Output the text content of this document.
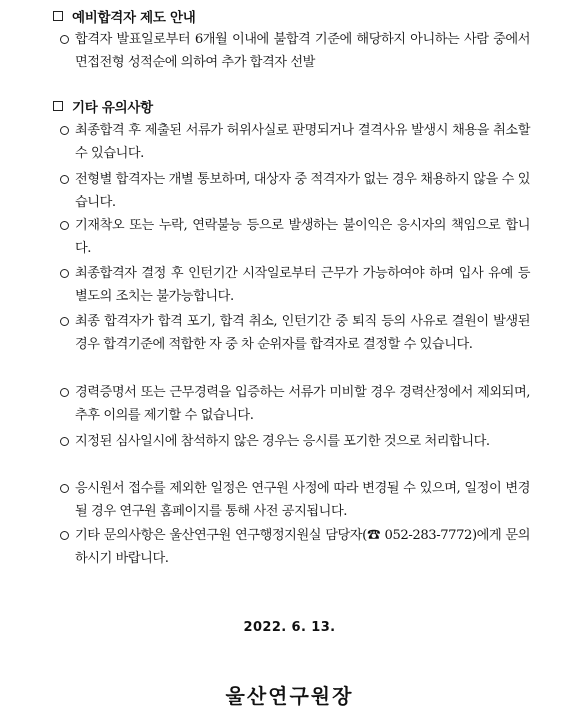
예비합격자 제도 안내
합격자 발표일로부터 6개월 이내에 불합격 기준에 해당하지 아니하는 사람 중에서 면접전형 성적순에 의하여 추가 합격자 선발
기타 유의사항
최종합격 후 제출된 서류가 허위사실로 판명되거나 결격사유 발생시 채용을 취소할 수 있습니다.
전형별 합격자는 개별 통보하며, 대상자 중 적격자가 없는 경우 채용하지 않을 수 있습니다.
기재착오 또는 누락, 연락불능 등으로 발생하는 불이익은 응시자의 책임으로 합니다.
최종합격자 결정 후 인턴기간 시작일로부터 근무가 가능하여야 하며 입사 유예 등 별도의 조치는 불가능합니다.
최종 합격자가 합격 포기, 합격 취소, 인턴기간 중 퇴직 등의 사유로 결원이 발생된 경우 합격기준에 적합한 자 중 차 순위자를 합격자로 결정할 수 있습니다.
경력증명서 또는 근무경력을 입증하는 서류가 미비할 경우 경력산정에서 제외되며, 추후 이의를 제기할 수 없습니다.
지정된 심사일시에 참석하지 않은 경우는 응시를 포기한 것으로 처리합니다.
응시원서 접수를 제외한 일정은 연구원 사정에 따라 변경될 수 있으며, 일정이 변경될 경우 연구원 홈페이지를 통해 사전 공지됩니다.
기타 문의사항은 울산연구원 연구행정지원실 담당자(☎ 052-283-7772)에게 문의하시기 바랍니다.
2022. 6. 13.
울산연구원장
